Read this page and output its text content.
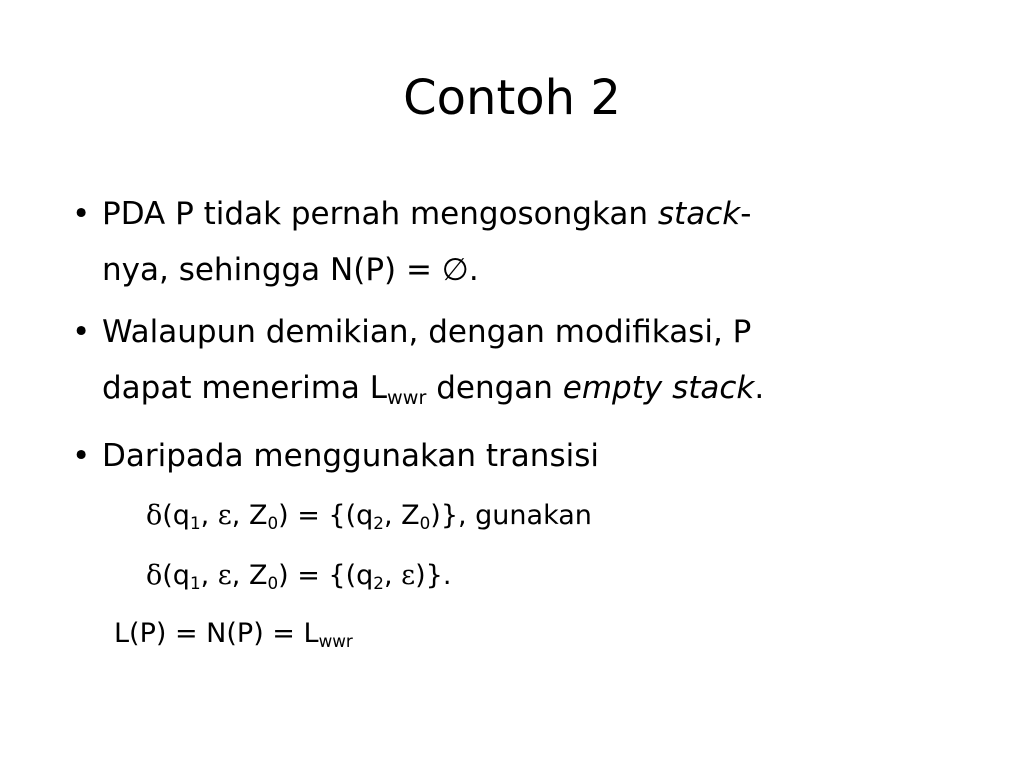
Contoh 2
• PDA P tidak pernah mengosongkan stack-
nya, sehingga N(P) = ∅.
• Walaupun demikian, dengan modifikasi, P
dapat menerima $L_{wwr}$ dengan empty stack.
• Daripada menggunakan transisi
$\delta(q_1$, ε, $Z_0) = \{(q_2$, $Z_0$)}, gunakan
$\delta(q_1$, ε, $Z_0) = \{(q_2$, ε)}.
$L(P) = N(P) = L_{wwr}$
